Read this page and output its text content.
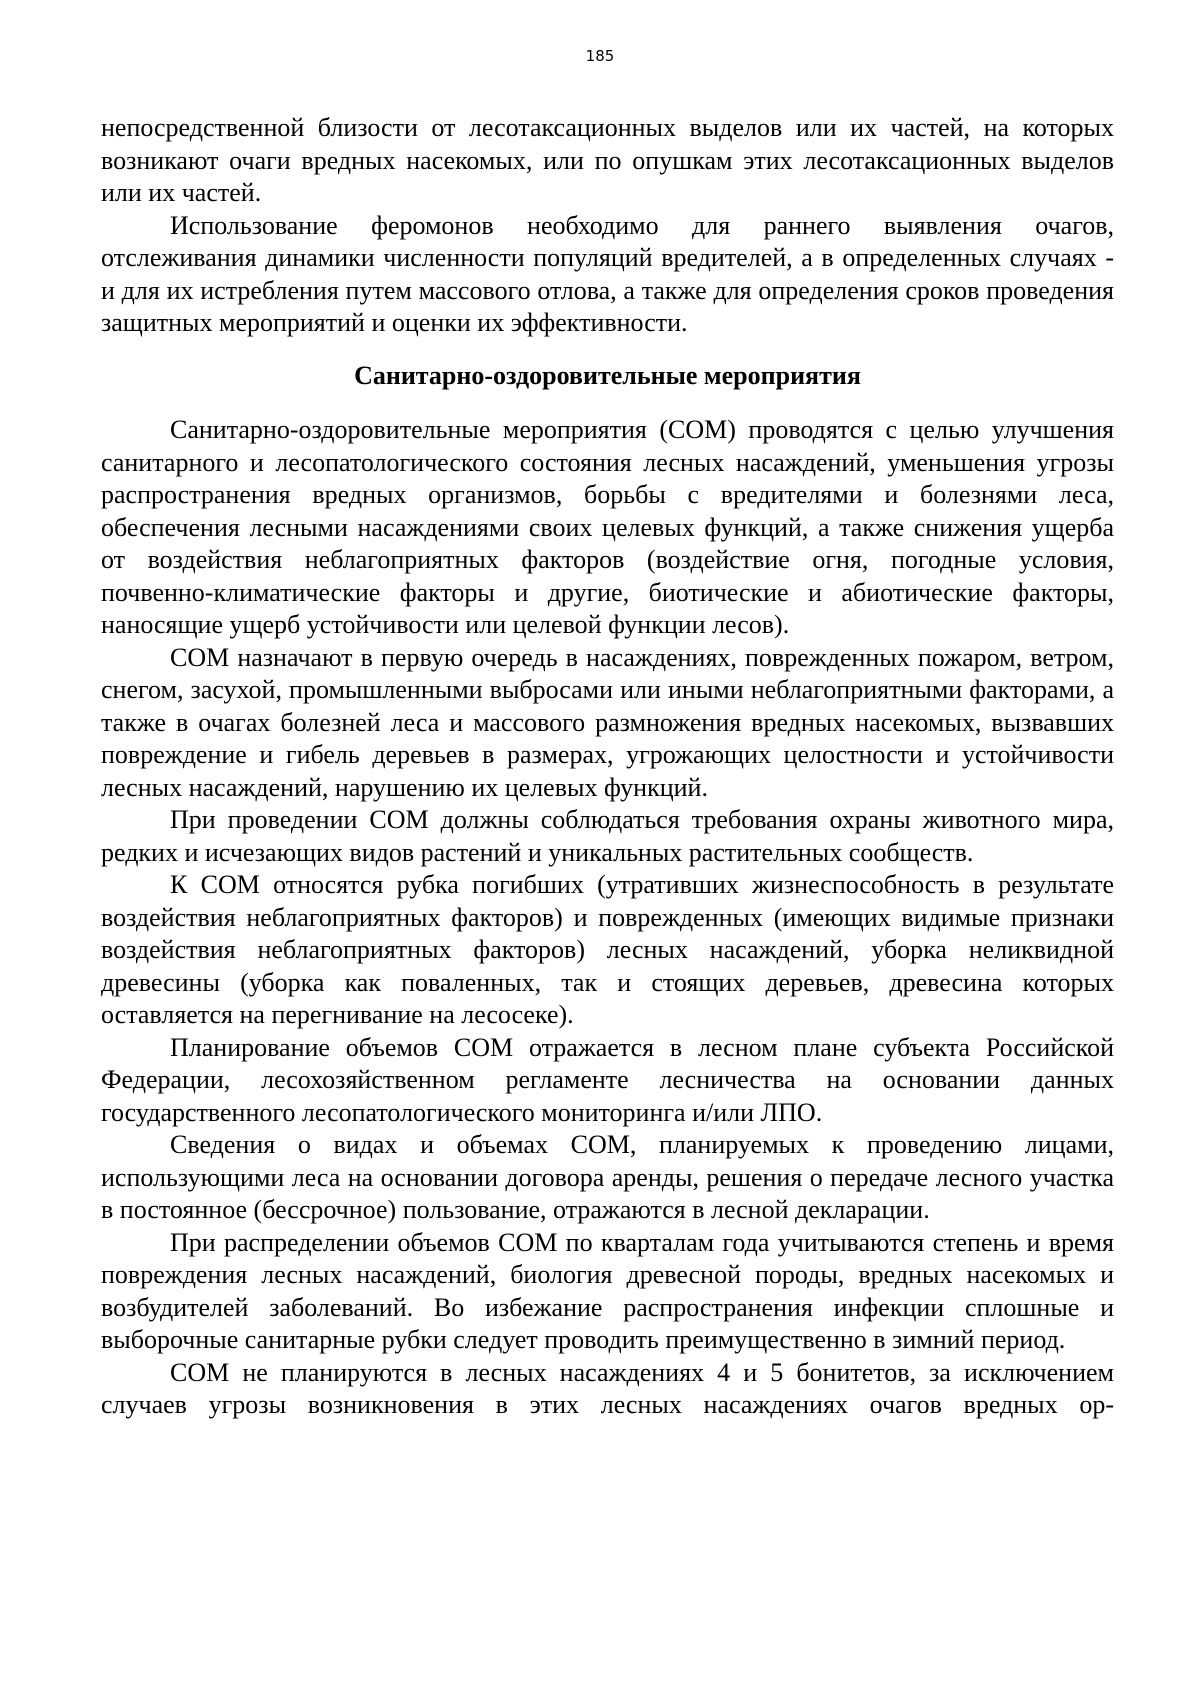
185

непосредственной близости от лесотаксационных выделов или их частей, на которых возникают очаги вредных насекомых, или по опушкам этих лесотаксационных выделов или их частей.

Использование феромонов необходимо для раннего выявления очагов, отслеживания динамики численности популяций вредителей, а в определенных случаях - и для их истребления путем массового отлова, а также для определения сроков проведения защитных мероприятий и оценки их эффективности.

Санитарно-оздоровительные мероприятия

Санитарно-оздоровительные мероприятия (СОМ) проводятся с целью улучшения санитарного и лесопатологического состояния лесных насаждений, уменьшения угрозы распространения вредных организмов, борьбы с вредителями и болезнями леса, обеспечения лесными насаждениями своих целевых функций, а также снижения ущерба от воздействия неблагоприятных факторов (воздействие огня, погодные условия, почвенно-климатические факторы и другие, биотические и абиотические факторы, наносящие ущерб устойчивости или целевой функции лесов).

СОМ назначают в первую очередь в насаждениях, поврежденных пожаром, ветром, снегом, засухой, промышленными выбросами или иными неблагоприятными факторами, а также в очагах болезней леса и массового размножения вредных насекомых, вызвавших повреждение и гибель деревьев в размерах, угрожающих целостности и устойчивости лесных насаждений, нарушению их целевых функций.

При проведении СОМ должны соблюдаться требования охраны животного мира, редких и исчезающих видов растений и уникальных растительных сообществ.

К СОМ относятся рубка погибших (утративших жизнеспособность в результате воздействия неблагоприятных факторов) и поврежденных (имеющих видимые признаки воздействия неблагоприятных факторов) лесных насаждений, уборка неликвидной древесины (уборка как поваленных, так и стоящих деревьев, древесина которых оставляется на перегнивание на лесосеке).

Планирование объемов СОМ отражается в лесном плане субъекта Российской Федерации, лесохозяйственном регламенте лесничества на основании данных государственного лесопатологического мониторинга и/или ЛПО.

Сведения о видах и объемах СОМ, планируемых к проведению лицами, использующими леса на основании договора аренды, решения о передаче лесного участка в постоянное (бессрочное) пользование, отражаются в лесной декларации.

При распределении объемов СОМ по кварталам года учитываются степень и время повреждения лесных насаждений, биология древесной породы, вредных насекомых и возбудителей заболеваний. Во избежание распространения инфекции сплошные и выборочные санитарные рубки следует проводить преимущественно в зимний период.

СОМ не планируются в лесных насаждениях 4 и 5 бонитетов, за исключением случаев угрозы возникновения в этих лесных насаждениях очагов вредных ор-
